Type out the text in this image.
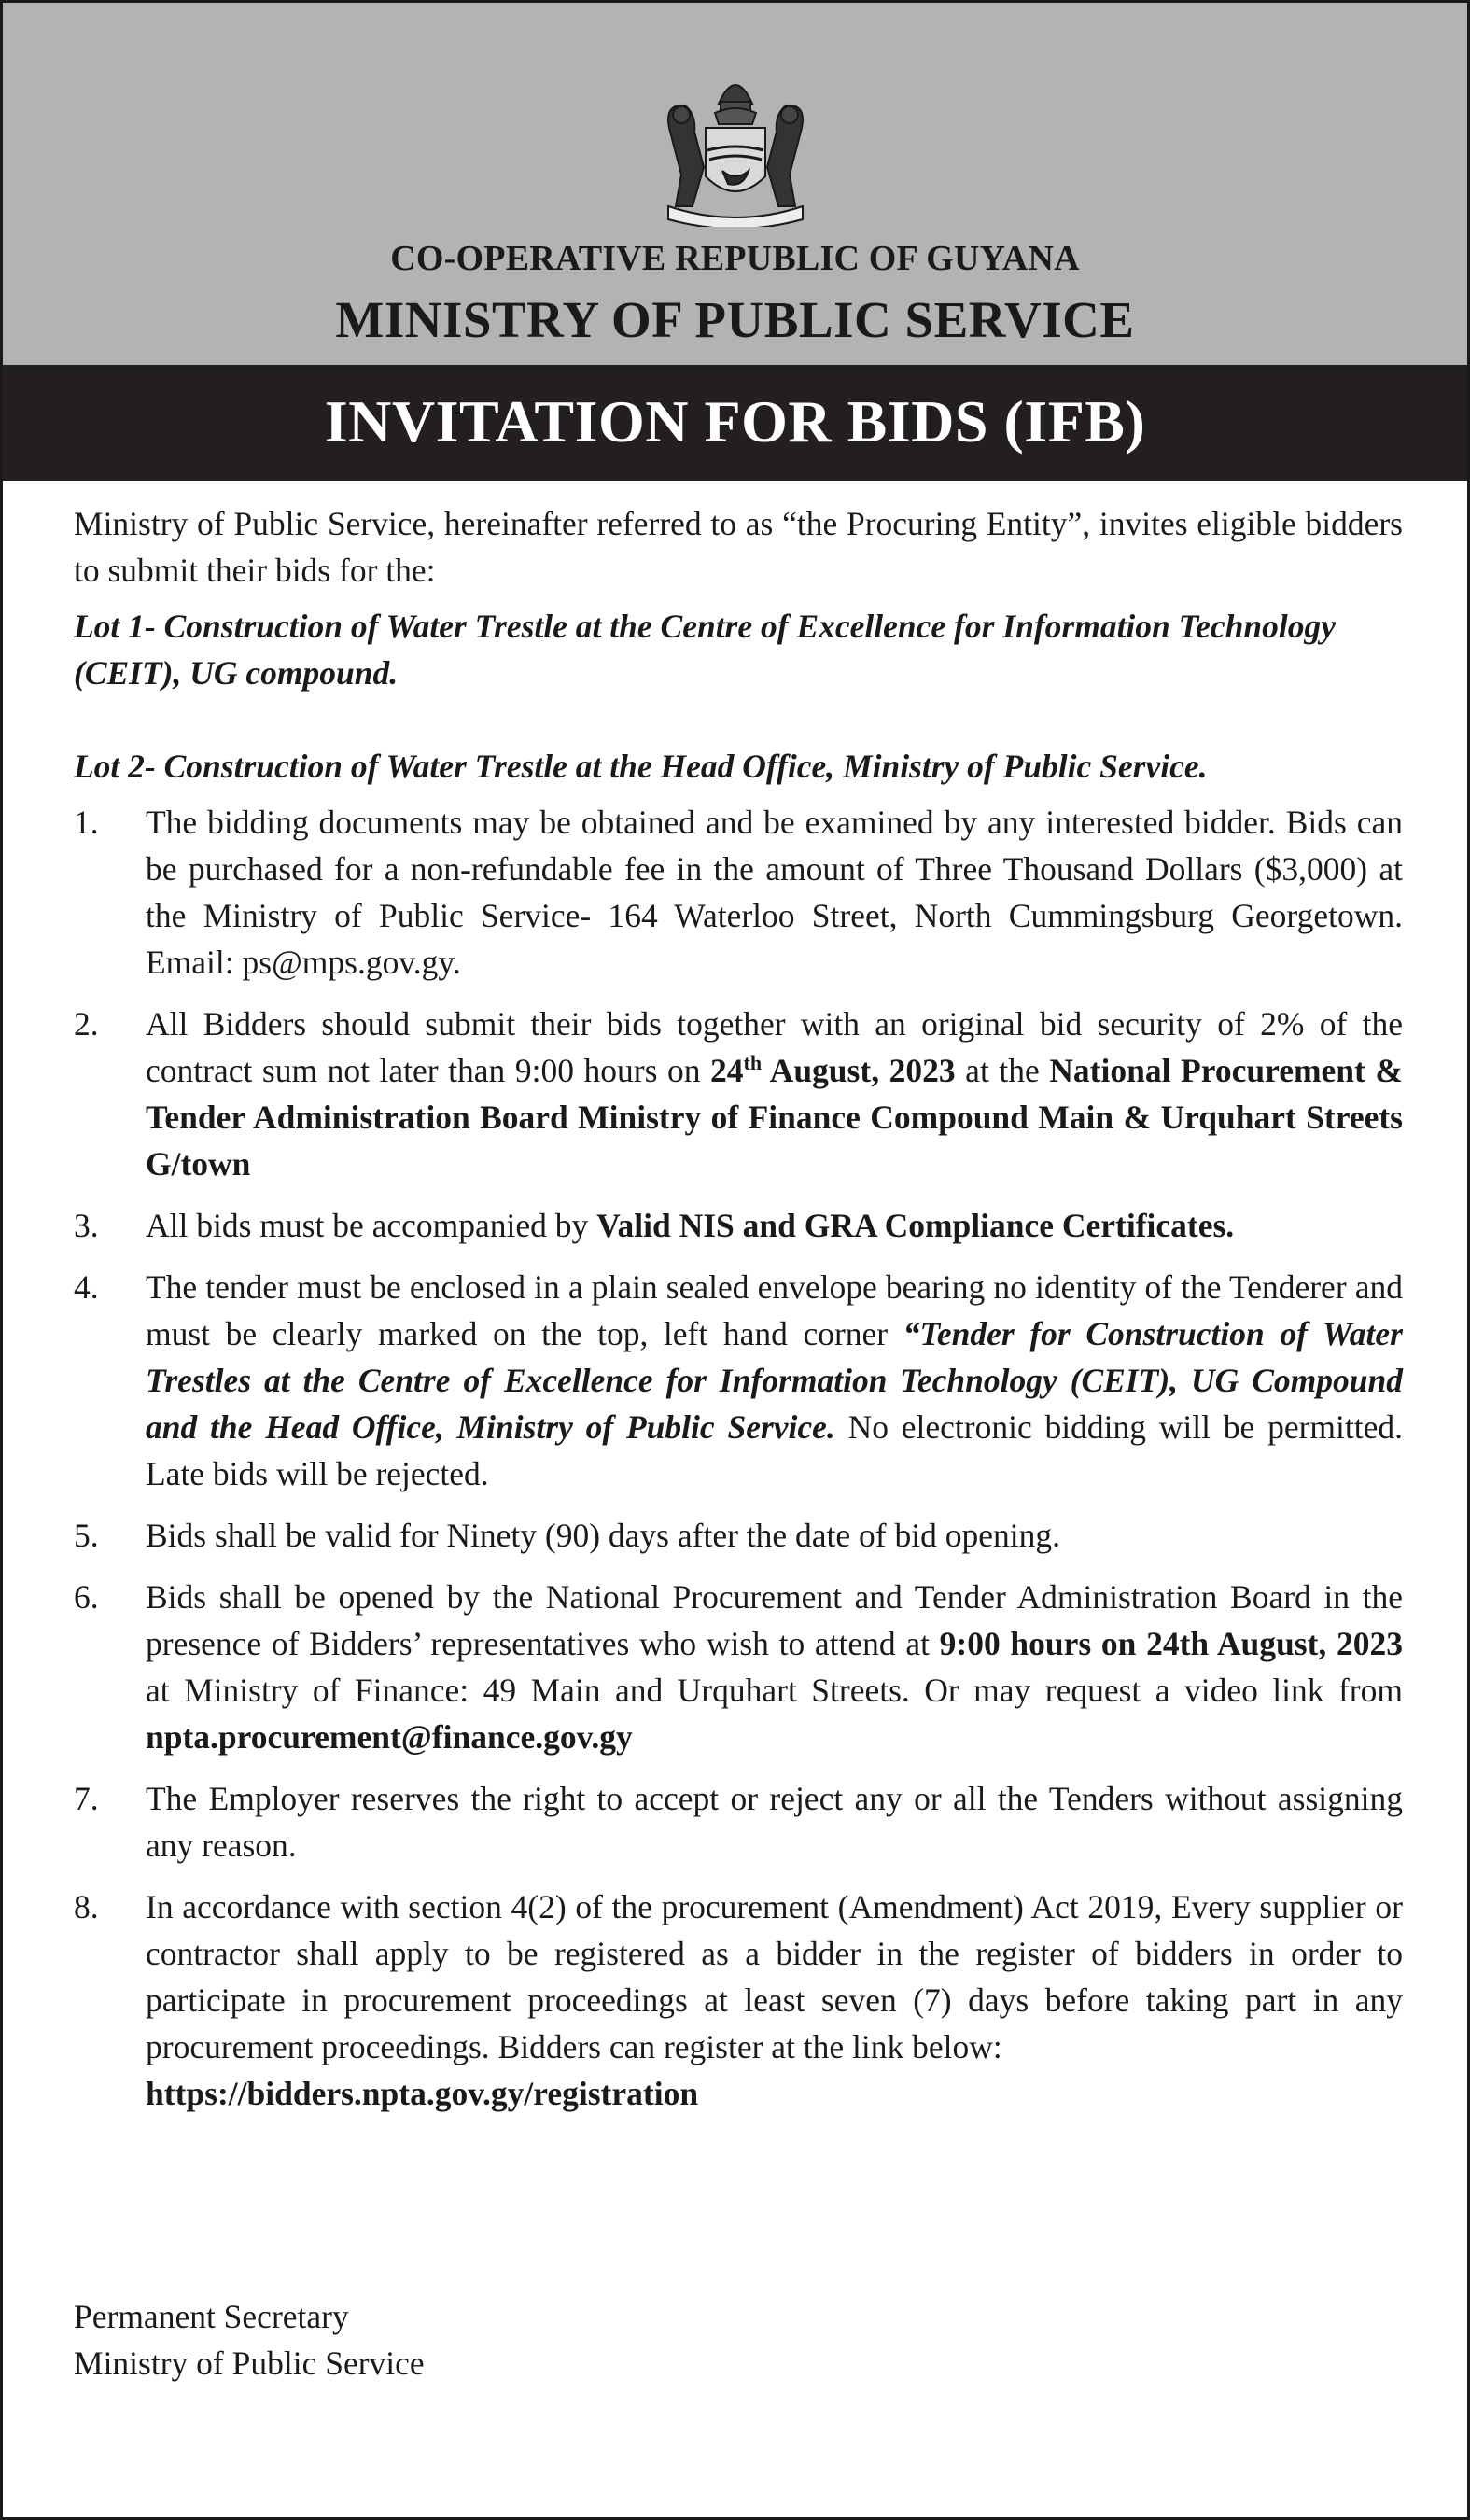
CO-OPERATIVE REPUBLIC OF GUYANA
MINISTRY OF PUBLIC SERVICE
INVITATION FOR BIDS (IFB)

Ministry of Public Service, hereinafter referred to as “the Procuring Entity”, invites eligible bidders to submit their bids for the:

Lot 1- Construction of Water Trestle at the Centre of Excellence for Information Technology (CEIT), UG compound.

Lot 2- Construction of Water Trestle at the Head Office, Ministry of Public Service.

1. The bidding documents may be obtained and be examined by any interested bidder. Bids can be purchased for a non-refundable fee in the amount of Three Thousand Dollars ($3,000) at the Ministry of Public Service- 164 Waterloo Street, North Cummingsburg Georgetown. Email: ps@mps.gov.gy.
2. All Bidders should submit their bids together with an original bid security of 2% of the contract sum not later than 9:00 hours on 24th August, 2023 at the National Procurement & Tender Administration Board Ministry of Finance Compound Main & Urquhart Streets G/town
3. All bids must be accompanied by Valid NIS and GRA Compliance Certificates.
4. The tender must be enclosed in a plain sealed envelope bearing no identity of the Tenderer and must be clearly marked on the top, left hand corner “Tender for Construction of Water Trestles at the Centre of Excellence for Information Technology (CEIT), UG Compound and the Head Office, Ministry of Public Service. No electronic bidding will be permitted. Late bids will be rejected.
5. Bids shall be valid for Ninety (90) days after the date of bid opening.
6. Bids shall be opened by the National Procurement and Tender Administration Board in the presence of Bidders’ representatives who wish to attend at 9:00 hours on 24th August, 2023 at Ministry of Finance: 49 Main and Urquhart Streets. Or may request a video link from npta.procurement@finance.gov.gy
7. The Employer reserves the right to accept or reject any or all the Tenders without assigning any reason.
8. In accordance with section 4(2) of the procurement (Amendment) Act 2019, Every supplier or contractor shall apply to be registered as a bidder in the register of bidders in order to participate in procurement proceedings at least seven (7) days before taking part in any procurement proceedings. Bidders can register at the link below:
https://bidders.npta.gov.gy/registration
Permanent Secretary
Ministry of Public Service
